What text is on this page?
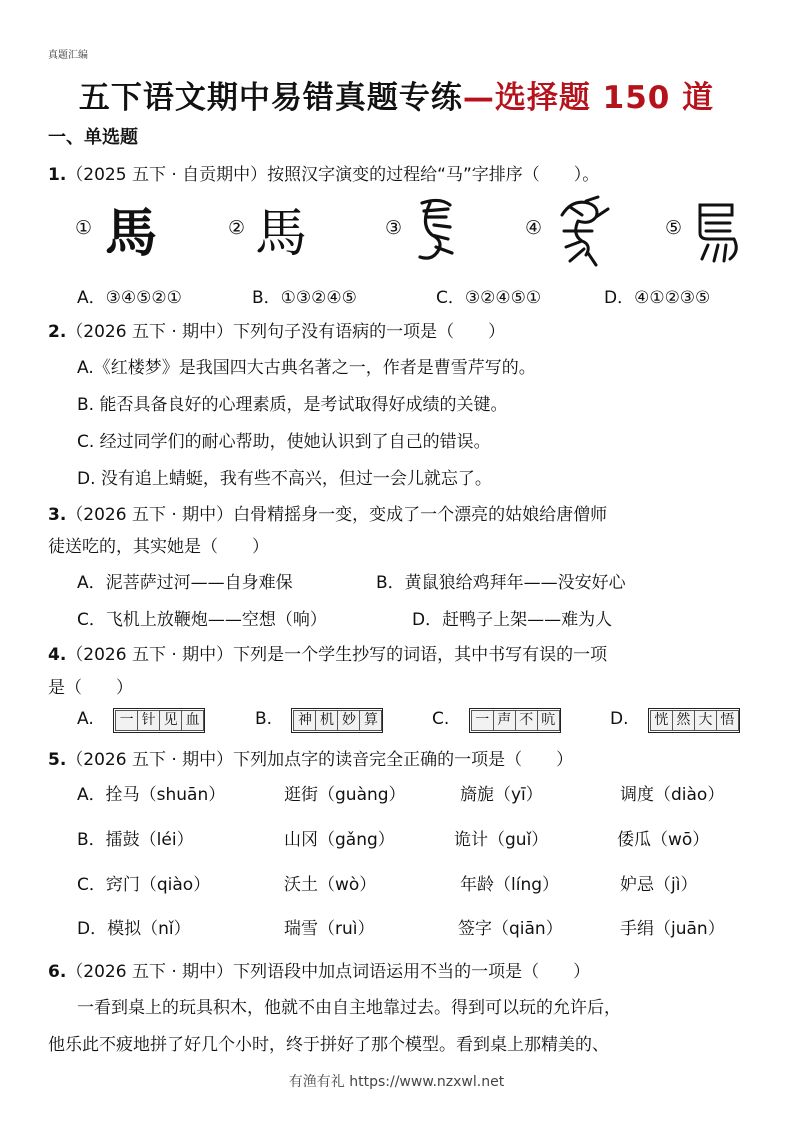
真题汇编
五下语文期中易错真题专练—选择题 150 道
一、单选题
1.（2025 五下 · 自贡期中）按照汉字演变的过程给“马”字排序（　　）。
① 馬	② 馬	③	④	⑤
A．③④⑤②①	B．①③②④⑤	C．③②④⑤①	D．④①②③⑤
2.（2026 五下 · 期中）下列句子没有语病的一项是（　　）
A.《红楼梦》是我国四大古典名著之一，作者是曹雪芹写的。
B. 能否具备良好的心理素质，是考试取得好成绩的关键。
C. 经过同学们的耐心帮助，使她认识到了自己的错误。
D. 没有追上蜻蜓，我有些不高兴，但过一会儿就忘了。
3.（2026 五下 · 期中）白骨精摇身一变，变成了一个漂亮的姑娘给唐僧师
徒送吃的，其实她是（　　）
A．泥菩萨过河——自身难保	B．黄鼠狼给鸡拜年——没安好心
C．飞机上放鞭炮——空想（响）	D．赶鸭子上架——难为人
4.（2026 五下 · 期中）下列是一个学生抄写的词语，其中书写有误的一项
是（　　）
A.	一 针 见 血	B.	神 机 妙 算	C.	一 声 不 吭	D.	恍 然 大 悟
5.（2026 五下 · 期中）下列加点字的读音完全正确的一项是（　　）
A．拴马（shuān）	逛街（guàng）	旖旎（yī）	调度（diào）
B．擂鼓（léi）	山冈（gǎng）	诡计（guǐ）	倭瓜（wō）
C．窍门（qiào）	沃土（wò）	年龄（líng）	妒忌（jì）
D．模拟（nǐ）	瑞雪（ruì）	签字（qiān）	手绢（juān）
6.（2026 五下 · 期中）下列语段中加点词语运用不当的一项是（　　）
一看到桌上的玩具积木，他就不由自主地靠过去。得到可以玩的允许后，
他乐此不疲地拼了好几个小时，终于拼好了那个模型。看到桌上那精美的、
有渔有礼 https://www.nzxwl.net
